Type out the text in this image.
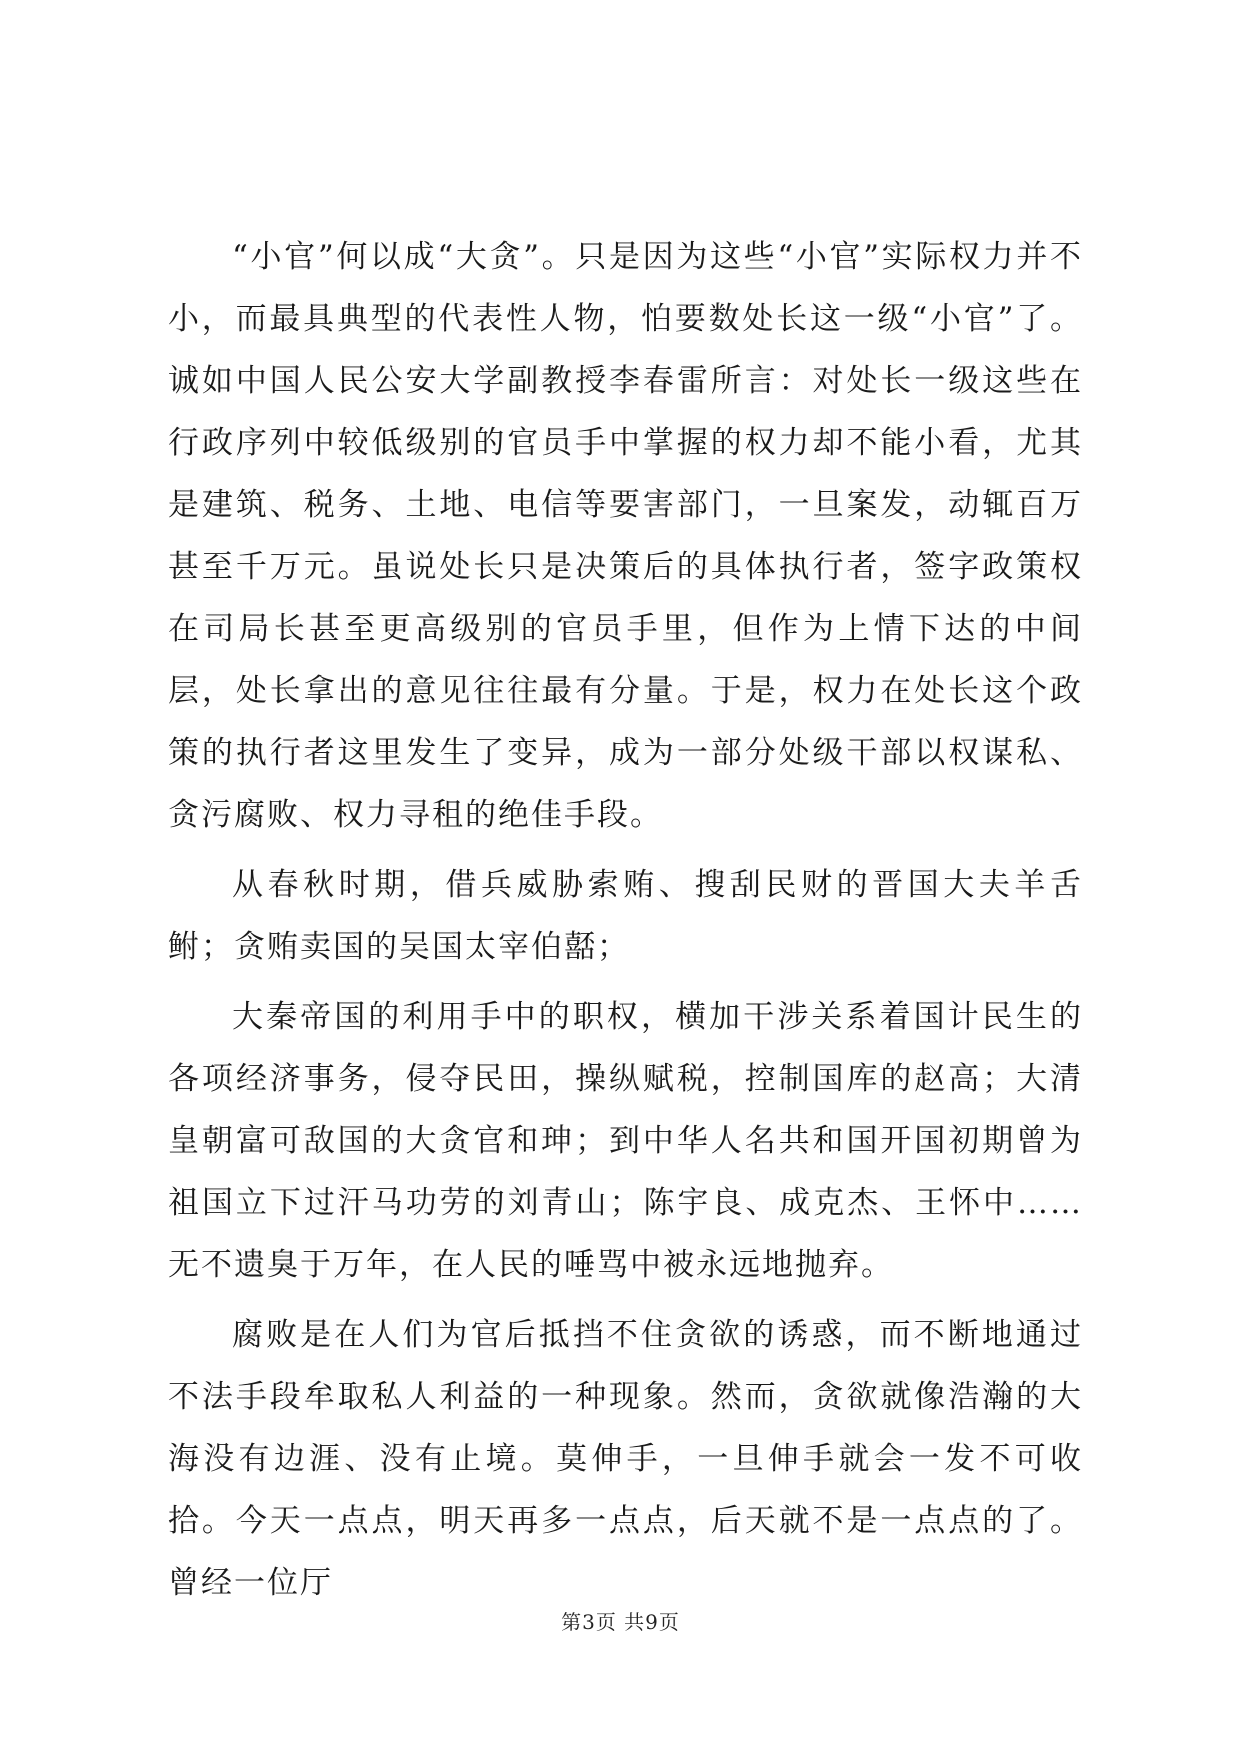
“小官”何以成“大贪”。只是因为这些“小官”实际权力并不小，而最具典型的代表性人物，怕要数处长这一级“小官”了。诚如中国人民公安大学副教授李春雷所言：对处长一级这些在行政序列中较低级别的官员手中掌握的权力却不能小看，尤其是建筑、税务、土地、电信等要害部门，一旦案发，动辄百万甚至千万元。虽说处长只是决策后的具体执行者，签字政策权在司局长甚至更高级别的官员手里，但作为上情下达的中间层，处长拿出的意见往往最有分量。于是，权力在处长这个政策的执行者这里发生了变异，成为一部分处级干部以权谋私、贪污腐败、权力寻租的绝佳手段。

从春秋时期，借兵威胁索贿、搜刮民财的晋国大夫羊舌鲋；贪贿卖国的吴国太宰伯嚭；

大秦帝国的利用手中的职权，横加干涉关系着国计民生的各项经济事务，侵夺民田，操纵赋税，控制国库的赵高；大清皇朝富可敌国的大贪官和珅；到中华人名共和国开国初期曾为祖国立下过汗马功劳的刘青山；陈宇良、成克杰、王怀中……无不遗臭于万年，在人民的唾骂中被永远地抛弃。

腐败是在人们为官后抵挡不住贪欲的诱惑，而不断地通过不法手段牟取私人利益的一种现象。然而，贪欲就像浩瀚的大海没有边涯、没有止境。莫伸手，一旦伸手就会一发不可收拾。今天一点点，明天再多一点点，后天就不是一点点的了。曾经一位厅

第3页 共9页
